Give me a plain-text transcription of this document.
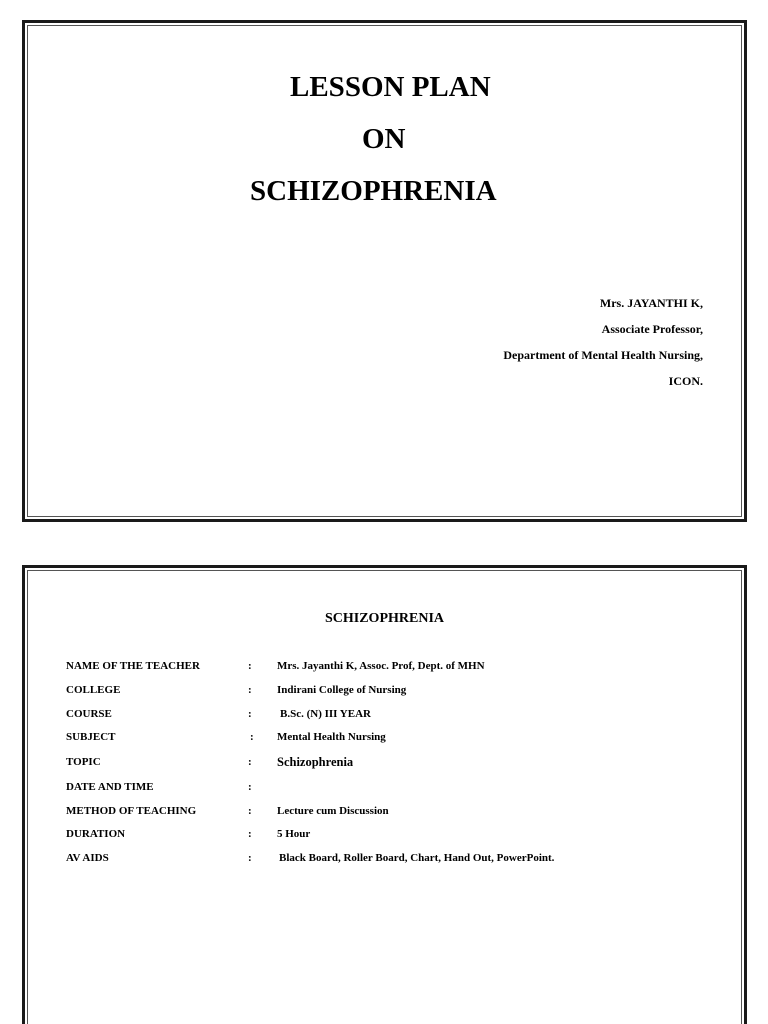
LESSON PLAN
ON
SCHIZOPHRENIA
Mrs. JAYANTHI K,
Associate Professor,
Department of Mental Health Nursing,
ICON.
SCHIZOPHRENIA
NAME OF THE TEACHER	: Mrs. Jayanthi K, Assoc. Prof, Dept. of MHN
COLLEGE	: Indirani College of Nursing
COURSE	:	B.Sc. (N) III YEAR
SUBJECT	: Mental Health Nursing
TOPIC	: Schizophrenia
DATE AND TIME	:
METHOD OF TEACHING	: Lecture cum Discussion
DURATION	: 5 Hour
AV AIDS	: Black Board, Roller Board, Chart, Hand Out, PowerPoint.
